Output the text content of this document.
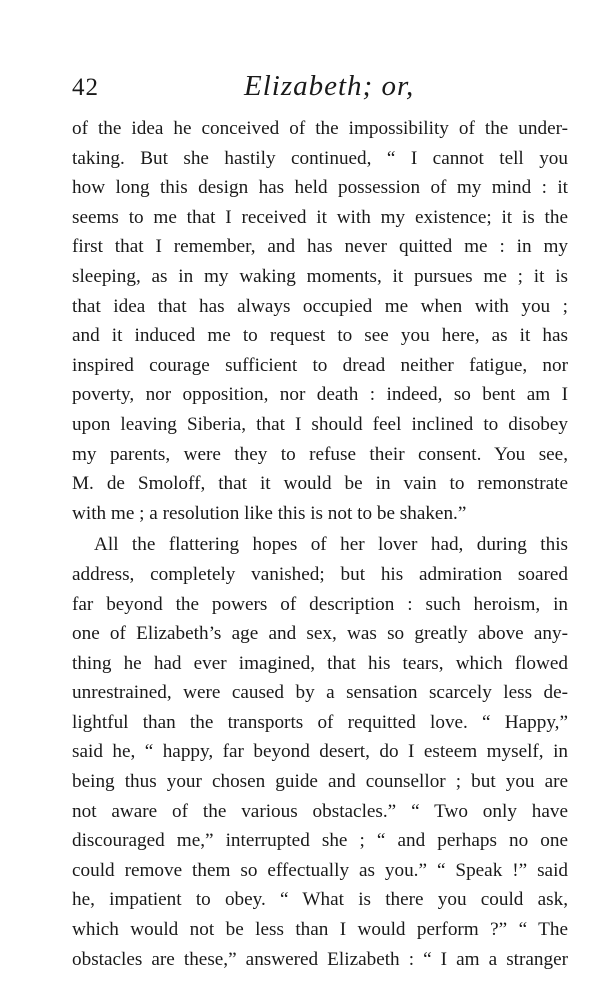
42	Elizabeth; or,
of the idea he conceived of the impossibility of the under-
taking. But she hastily continued, “ I cannot tell you
how long this design has held possession of my mind : it
seems to me that I received it with my existence; it is the
first that I remember, and has never quitted me : in my
sleeping, as in my waking moments, it pursues me ; it is
that idea that has always occupied me when with you ;
and it induced me to request to see you here, as it has
inspired courage sufficient to dread neither fatigue, nor
poverty, nor opposition, nor death : indeed, so bent am I
upon leaving Siberia, that I should feel inclined to disobey
my parents, were they to refuse their consent. You see,
M. de Smoloff, that it would be in vain to remonstrate
with me ; a resolution like this is not to be shaken.”
All the flattering hopes of her lover had, during this
address, completely vanished; but his admiration soared
far beyond the powers of description : such heroism, in
one of Elizabeth’s age and sex, was so greatly above any-
thing he had ever imagined, that his tears, which flowed
unrestrained, were caused by a sensation scarcely less de-
lightful than the transports of requitted love. “ Happy,”
said he, “ happy, far beyond desert, do I esteem myself, in
being thus your chosen guide and counsellor ; but you are
not aware of the various obstacles.” “ Two only have
discouraged me,” interrupted she ; “ and perhaps no one
could remove them so effectually as you.” “ Speak !” said
he, impatient to obey. “ What is there you could ask,
which would not be less than I would perform ?” “ The
obstacles are these,” answered Elizabeth : “ I am a stranger
